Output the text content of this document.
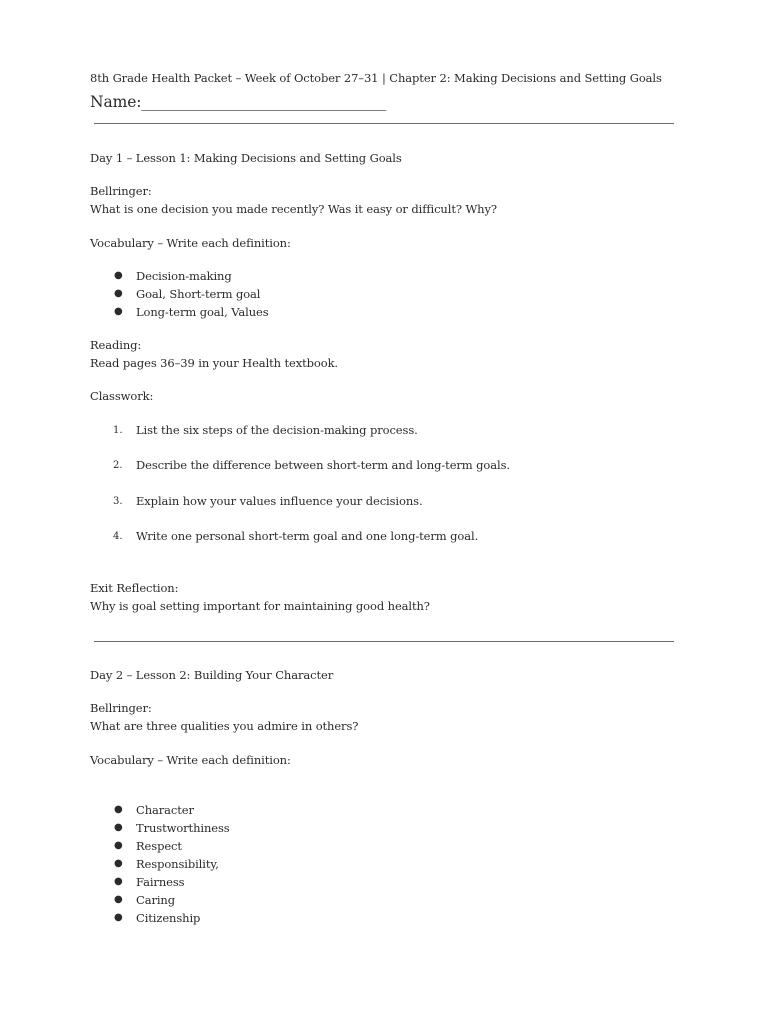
8th Grade Health Packet – Week of October 27–31 | Chapter 2: Making Decisions and Setting Goals
Name:________________________________
Day 1 – Lesson 1: Making Decisions and Setting Goals
Bellringer:
What is one decision you made recently? Was it easy or difficult? Why?
Vocabulary – Write each definition:
● Decision-making
● Goal, Short-term goal
● Long-term goal, Values
Reading:
Read pages 36–39 in your Health textbook.
Classwork:
1. List the six steps of the decision-making process.
2. Describe the difference between short-term and long-term goals.
3. Explain how your values influence your decisions.
4. Write one personal short-term goal and one long-term goal.
Exit Reflection:
Why is goal setting important for maintaining good health?
Day 2 – Lesson 2: Building Your Character
Bellringer:
What are three qualities you admire in others?
Vocabulary – Write each definition:
● Character
● Trustworthiness
● Respect
● Responsibility,
● Fairness
● Caring
● Citizenship
